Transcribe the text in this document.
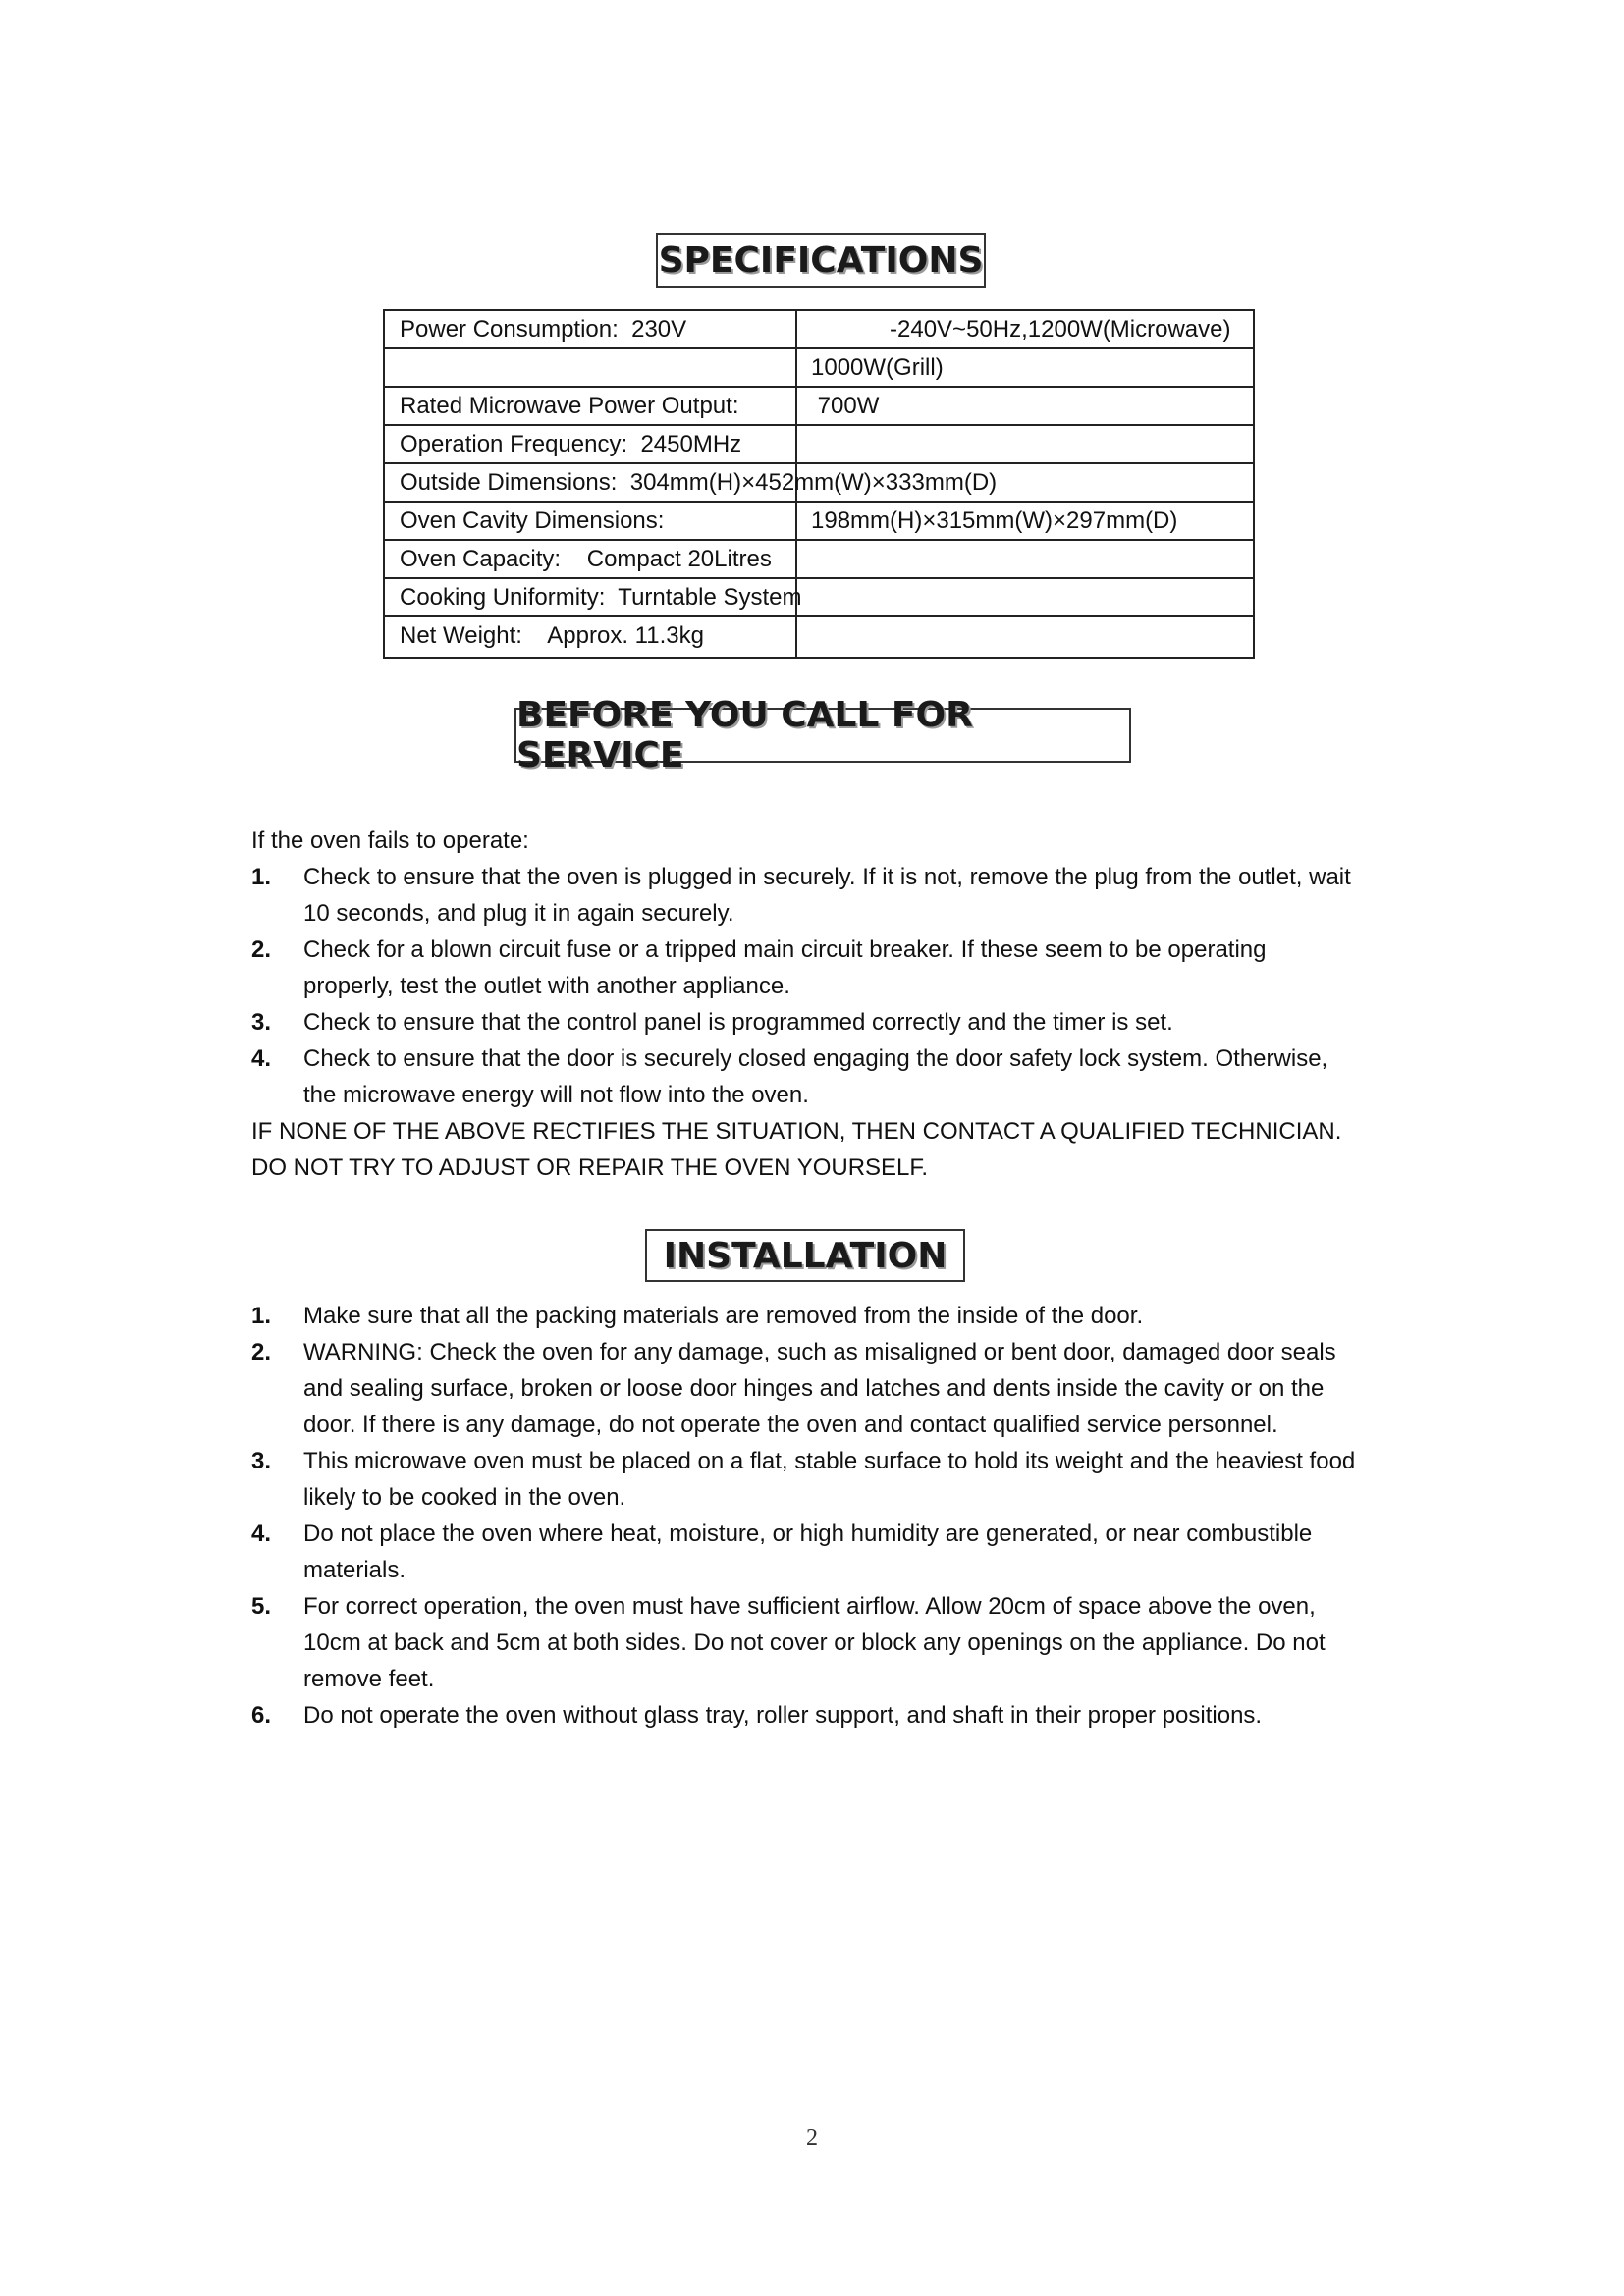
SPECIFICATIONS
Power Consumption:  230V	-240V~50Hz,1200W(Microwave)
1000W(Grill)
Rated Microwave Power Output:	700W
Operation Frequency:  2450MHz
Outside Dimensions:  304mm(H)×452mm(W)×333mm(D)
Oven Cavity Dimensions:	198mm(H)×315mm(W)×297mm(D)
Oven Capacity:    Compact 20Litres
Cooking Uniformity:  Turntable System
Net Weight:    Approx. 11.3kg
BEFORE YOU CALL FOR SERVICE
If the oven fails to operate:
1. Check to ensure that the oven is plugged in securely. If it is not, remove the plug from the outlet, wait
10 seconds, and plug it in again securely.
2. Check for a blown circuit fuse or a tripped main circuit breaker. If these seem to be operating
properly, test the outlet with another appliance.
3. Check to ensure that the control panel is programmed correctly and the timer is set.
4. Check to ensure that the door is securely closed engaging the door safety lock system. Otherwise,
the microwave energy will not flow into the oven.
IF NONE OF THE ABOVE RECTIFIES THE SITUATION, THEN CONTACT A QUALIFIED TECHNICIAN.
DO NOT TRY TO ADJUST OR REPAIR THE OVEN YOURSELF.
INSTALLATION
1. Make sure that all the packing materials are removed from the inside of the door.
2. WARNING: Check the oven for any damage, such as misaligned or bent door, damaged door seals
and sealing surface, broken or loose door hinges and latches and dents inside the cavity or on the
door. If there is any damage, do not operate the oven and contact qualified service personnel.
3. This microwave oven must be placed on a flat, stable surface to hold its weight and the heaviest food
likely to be cooked in the oven.
4. Do not place the oven where heat, moisture, or high humidity are generated, or near combustible
materials.
5. For correct operation, the oven must have sufficient airflow. Allow 20cm of space above the oven,
10cm at back and 5cm at both sides. Do not cover or block any openings on the appliance. Do not
remove feet.
6. Do not operate the oven without glass tray, roller support, and shaft in their proper positions.
2
